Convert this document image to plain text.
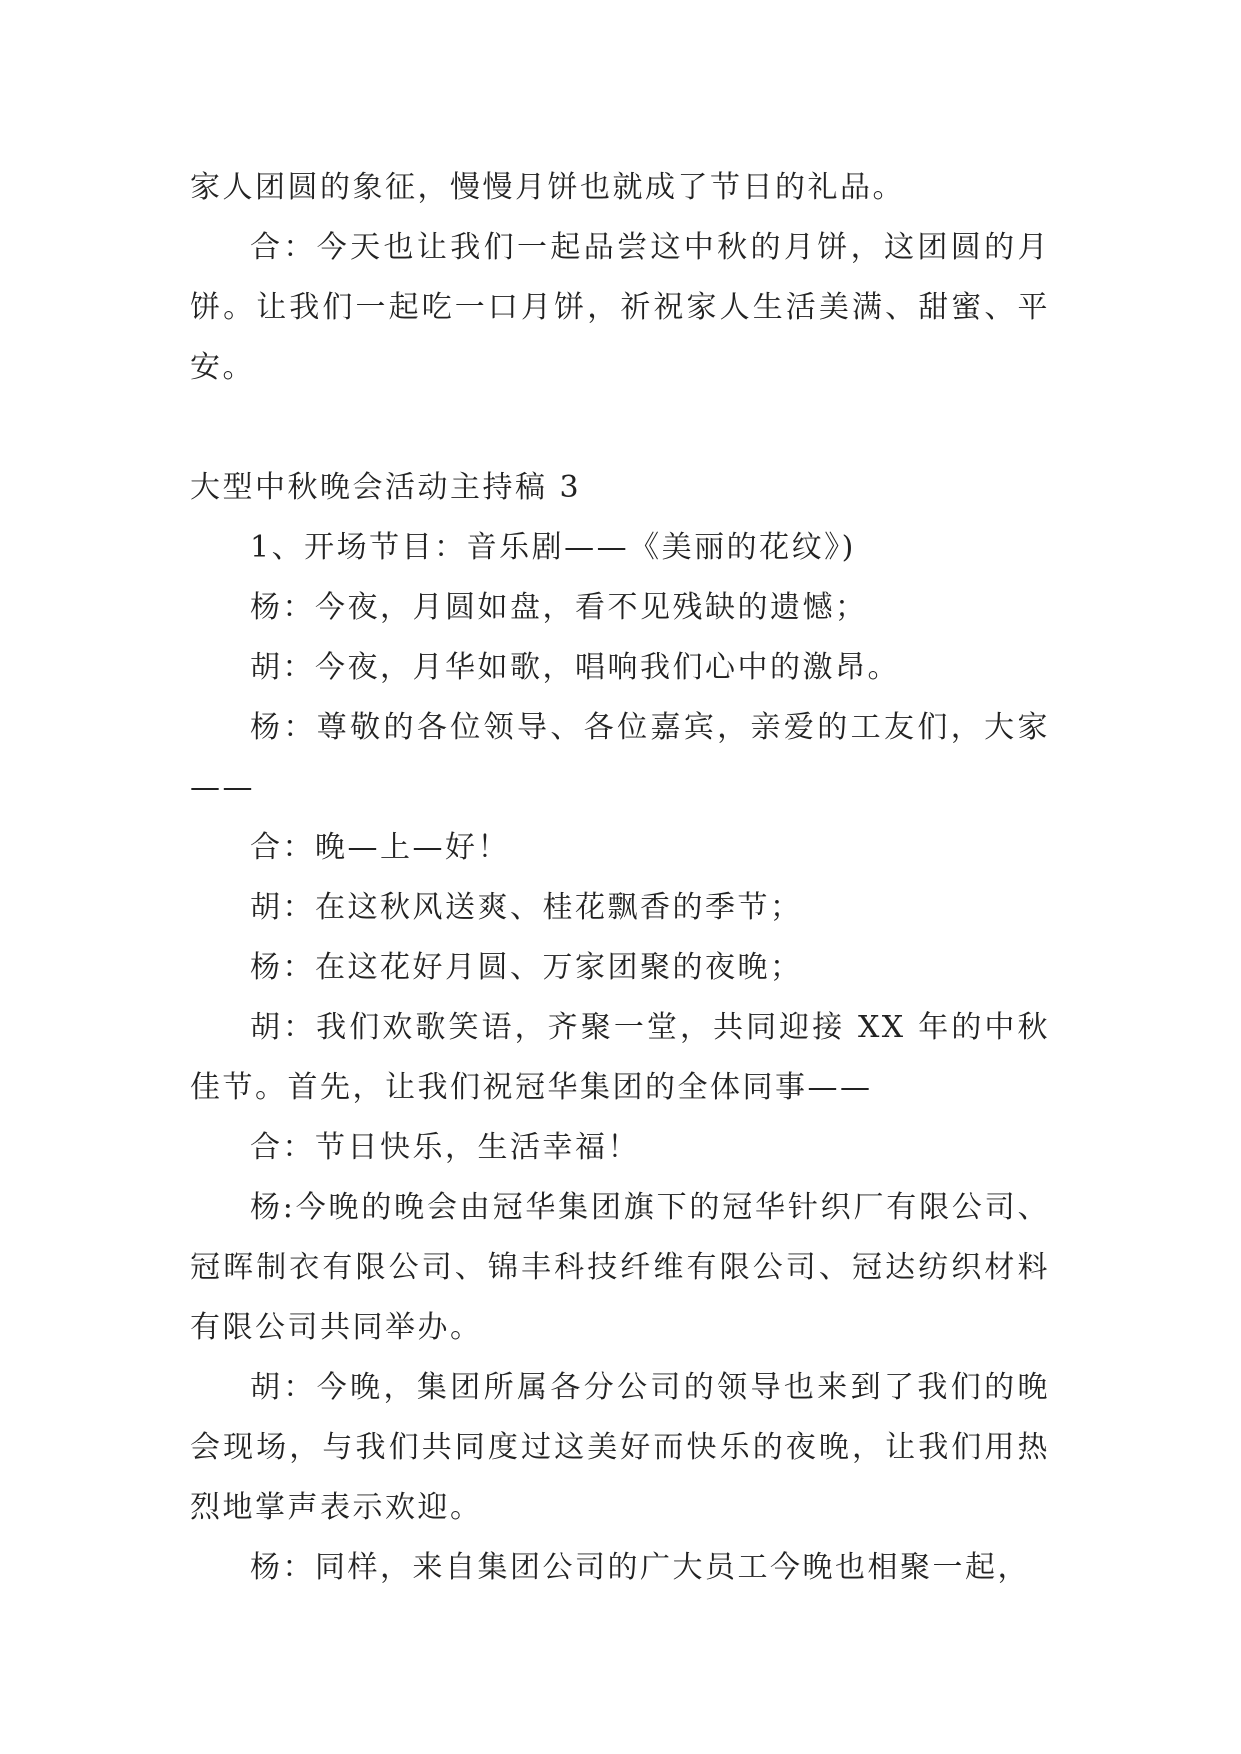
家人团圆的象征，慢慢月饼也就成了节日的礼品。

合：今天也让我们一起品尝这中秋的月饼，这团圆的月饼。让我们一起吃一口月饼，祈祝家人生活美满、甜蜜、平安。

大型中秋晚会活动主持稿 3

1、开场节目：音乐剧——《美丽的花纹》)

杨：今夜，月圆如盘，看不见残缺的遗憾；

胡：今夜，月华如歌，唱响我们心中的激昂。

杨：尊敬的各位领导、各位嘉宾，亲爱的工友们，大家——

合：晚—上—好！

胡：在这秋风送爽、桂花飘香的季节；

杨：在这花好月圆、万家团聚的夜晚；

胡：我们欢歌笑语，齐聚一堂，共同迎接 XX 年的中秋佳节。首先，让我们祝冠华集团的全体同事——

合：节日快乐，生活幸福！

杨:今晚的晚会由冠华集团旗下的冠华针织厂有限公司、冠晖制衣有限公司、锦丰科技纤维有限公司、冠达纺织材料有限公司共同举办。

胡：今晚，集团所属各分公司的领导也来到了我们的晚会现场，与我们共同度过这美好而快乐的夜晚，让我们用热烈地掌声表示欢迎。

杨：同样，来自集团公司的广大员工今晚也相聚一起，
